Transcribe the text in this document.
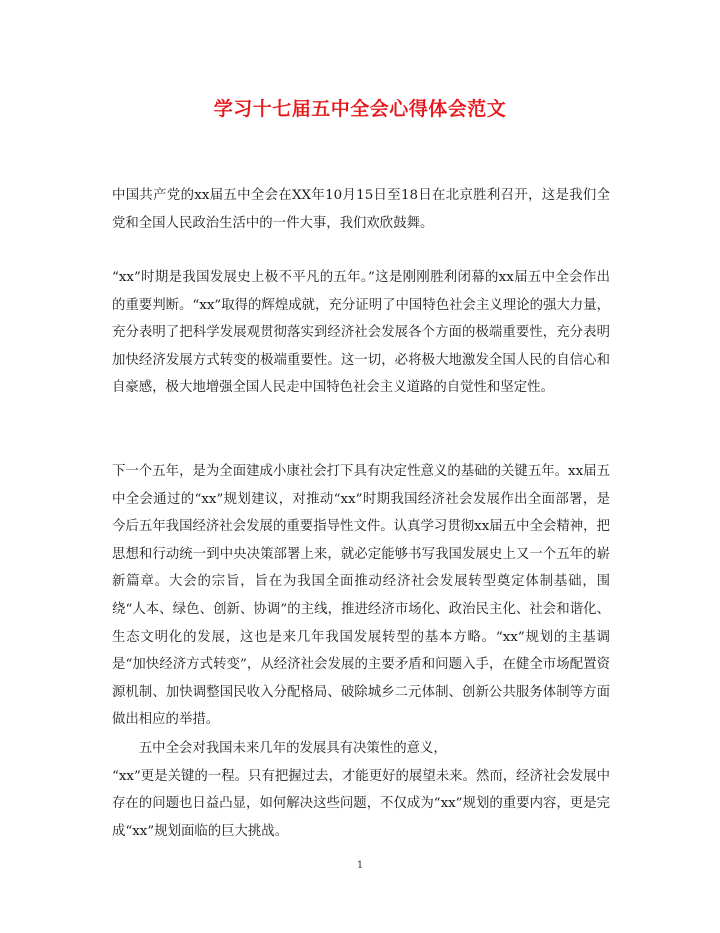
学习十七届五中全会心得体会范文
中国共产党的xx届五中全会在XX年10月15日至18日在北京胜利召开，这是我们全党和全国人民政治生活中的一件大事，我们欢欣鼓舞。
“xx”时期是我国发展史上极不平凡的五年。”这是刚刚胜利闭幕的xx届五中全会作出的重要判断。“xx”取得的辉煌成就，充分证明了中国特色社会主义理论的强大力量，充分表明了把科学发展观贯彻落实到经济社会发展各个方面的极端重要性，充分表明加快经济发展方式转变的极端重要性。这一切，必将极大地激发全国人民的自信心和自豪感，极大地增强全国人民走中国特色社会主义道路的自觉性和坚定性。
下一个五年，是为全面建成小康社会打下具有决定性意义的基础的关键五年。xx届五中全会通过的“xx”规划建议，对推动“xx”时期我国经济社会发展作出全面部署，是今后五年我国经济社会发展的重要指导性文件。认真学习贯彻xx届五中全会精神，把思想和行动统一到中央决策部署上来，就必定能够书写我国发展史上又一个五年的崭新篇章。大会的宗旨，旨在为我国全面推动经济社会发展转型奠定体制基础，围绕“人本、绿色、创新、协调”的主线，推进经济市场化、政治民主化、社会和谐化、生态文明化的发展，这也是来几年我国发展转型的基本方略。“xx”规划的主基调是“加快经济方式转变”，从经济社会发展的主要矛盾和问题入手，在健全市场配置资源机制、加快调整国民收入分配格局、破除城乡二元体制、创新公共服务体制等方面做出相应的举措。
五中全会对我国未来几年的发展具有决策性的意义，
“xx”更是关键的一程。只有把握过去，才能更好的展望未来。然而，经济社会发展中存在的问题也日益凸显，如何解决这些问题，不仅成为“xx”规划的重要内容，更是完成“xx”规划面临的巨大挑战。
1
